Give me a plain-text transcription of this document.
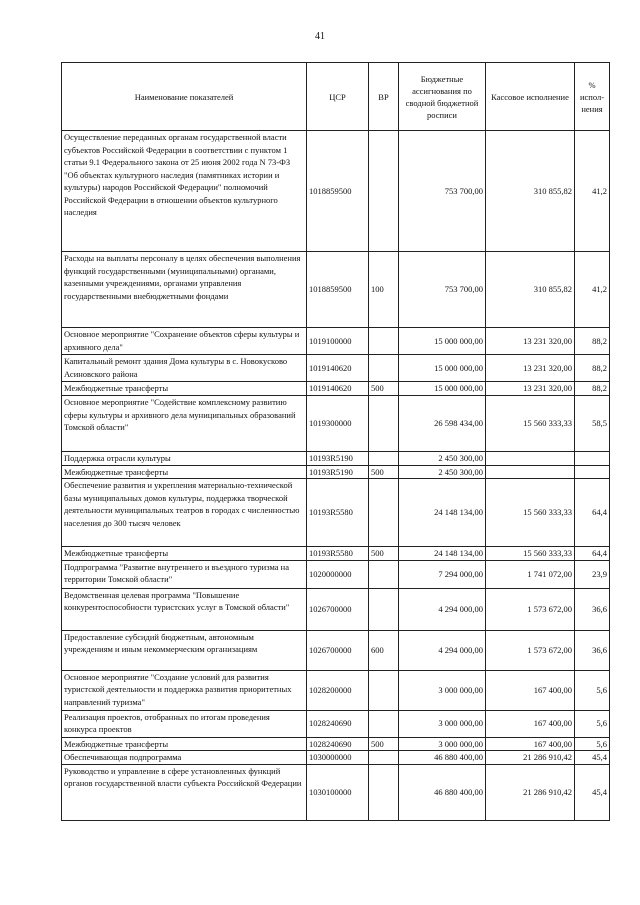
41
Наименование показателей	ЦСР	ВР	Бюджетные ассигнования по сводной бюджетной росписи	Кассовое исполнение	% испол-нения
Осуществление переданных органам государственной власти субъектов Российской Федерации в соответствии с пунктом 1 статьи 9.1 Федерального закона от 25 июня 2002 года N 73-ФЗ "Об объектах культурного наследия (памятниках истории и культуры) народов Российской Федерации" полномочий Российской Федерации в отношении объектов культурного наследия	1018859500		753 700,00	310 855,82	41,2
Расходы на выплаты персоналу в целях обеспечения выполнения функций государственными (муниципальными) органами, казенными учреждениями, органами управления государственными внебюджетными фондами	1018859500	100	753 700,00	310 855,82	41,2
Основное мероприятие "Сохранение объектов сферы культуры и архивного дела"	1019100000		15 000 000,00	13 231 320,00	88,2
Капитальный ремонт здания Дома культуры в с. Новокусково Асиновского района	1019140620		15 000 000,00	13 231 320,00	88,2
Межбюджетные трансферты	1019140620	500	15 000 000,00	13 231 320,00	88,2
Основное мероприятие "Содействие комплексному развитию сферы культуры и архивного дела муниципальных образований Томской области"	1019300000		26 598 434,00	15 560 333,33	58,5
Поддержка отрасли культуры	10193R5190		2 450 300,00		
Межбюджетные трансферты	10193R5190	500	2 450 300,00		
Обеспечение развития и укрепления материально-технической базы муниципальных домов культуры, поддержка творческой деятельности муниципальных театров в городах с численностью населения до 300 тысяч человек	10193R5580		24 148 134,00	15 560 333,33	64,4
Межбюджетные трансферты	10193R5580	500	24 148 134,00	15 560 333,33	64,4
Подпрограмма "Развитие внутреннего и въездного туризма на территории Томской области"	1020000000		7 294 000,00	1 741 072,00	23,9
Ведомственная целевая программа "Повышение конкурентоспособности туристских услуг в Томской области"	1026700000		4 294 000,00	1 573 672,00	36,6
Предоставление субсидий бюджетным, автономным учреждениям и иным некоммерческим организациям	1026700000	600	4 294 000,00	1 573 672,00	36,6
Основное мероприятие "Создание условий для развития туристской деятельности и поддержка развития приоритетных направлений туризма"	1028200000		3 000 000,00	167 400,00	5,6
Реализация проектов, отобранных по итогам проведения конкурса проектов	1028240690		3 000 000,00	167 400,00	5,6
Межбюджетные трансферты	1028240690	500	3 000 000,00	167 400,00	5,6
Обеспечивающая подпрограмма	1030000000		46 880 400,00	21 286 910,42	45,4
Руководство и управление в сфере установленных функций органов государственной власти субъекта Российской Федерации	1030100000		46 880 400,00	21 286 910,42	45,4
